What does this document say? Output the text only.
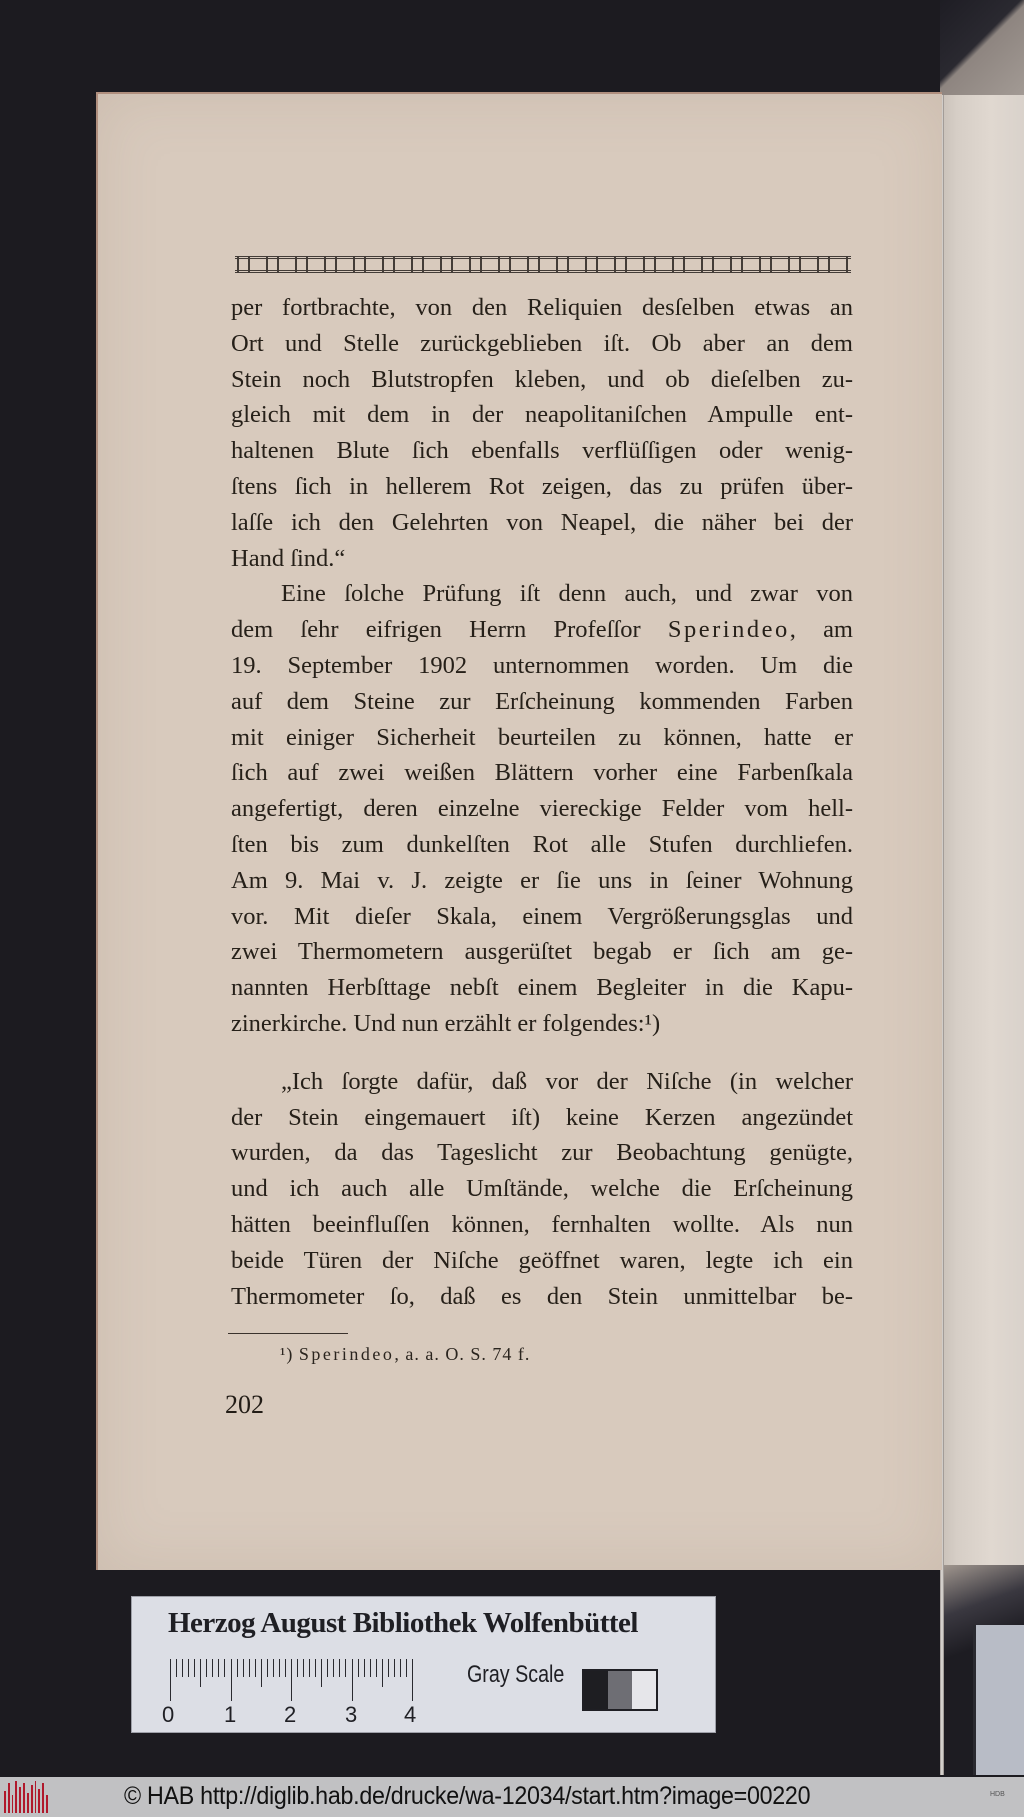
per fortbrachte, von den Reliquien desſelben etwas an
Ort und Stelle zurückgeblieben iſt. Ob aber an dem
Stein noch Blutstropfen kleben, und ob dieſelben zu-
gleich mit dem in der neapolitaniſchen Ampulle ent-
haltenen Blute ſich ebenfalls verflüſſigen oder wenig-
ſtens ſich in hellerem Rot zeigen, das zu prüfen über-
laſſe ich den Gelehrten von Neapel, die näher bei der
Hand ſind.“
Eine ſolche Prüfung iſt denn auch, und zwar von
dem ſehr eifrigen Herrn Profeſſor Sperindeo, am
19. September 1902 unternommen worden. Um die
auf dem Steine zur Erſcheinung kommenden Farben
mit einiger Sicherheit beurteilen zu können, hatte er
ſich auf zwei weißen Blättern vorher eine Farbenſkala
angefertigt, deren einzelne viereckige Felder vom hell-
ſten bis zum dunkelſten Rot alle Stufen durchliefen.
Am 9. Mai v. J. zeigte er ſie uns in ſeiner Wohnung
vor. Mit dieſer Skala, einem Vergrößerungsglas und
zwei Thermometern ausgerüſtet begab er ſich am ge-
nannten Herbſttage nebſt einem Begleiter in die Kapu-
zinerkirche. Und nun erzählt er folgendes:¹)
„Ich ſorgte dafür, daß vor der Niſche (in welcher
der Stein eingemauert iſt) keine Kerzen angezündet
wurden, da das Tageslicht zur Beobachtung genügte,
und ich auch alle Umſtände, welche die Erſcheinung
hätten beeinfluſſen können, fernhalten wollte. Als nun
beide Türen der Niſche geöffnet waren, legte ich ein
Thermometer ſo, daß es den Stein unmittelbar be-
¹) Sperindeo, a. a. O. S. 74 f.
202
Herzog August Bibliothek Wolfenbüttel
0 1 2 3 4
Gray Scale
© HAB http://diglib.hab.de/drucke/wa-12034/start.htm?image=00220	HDB
